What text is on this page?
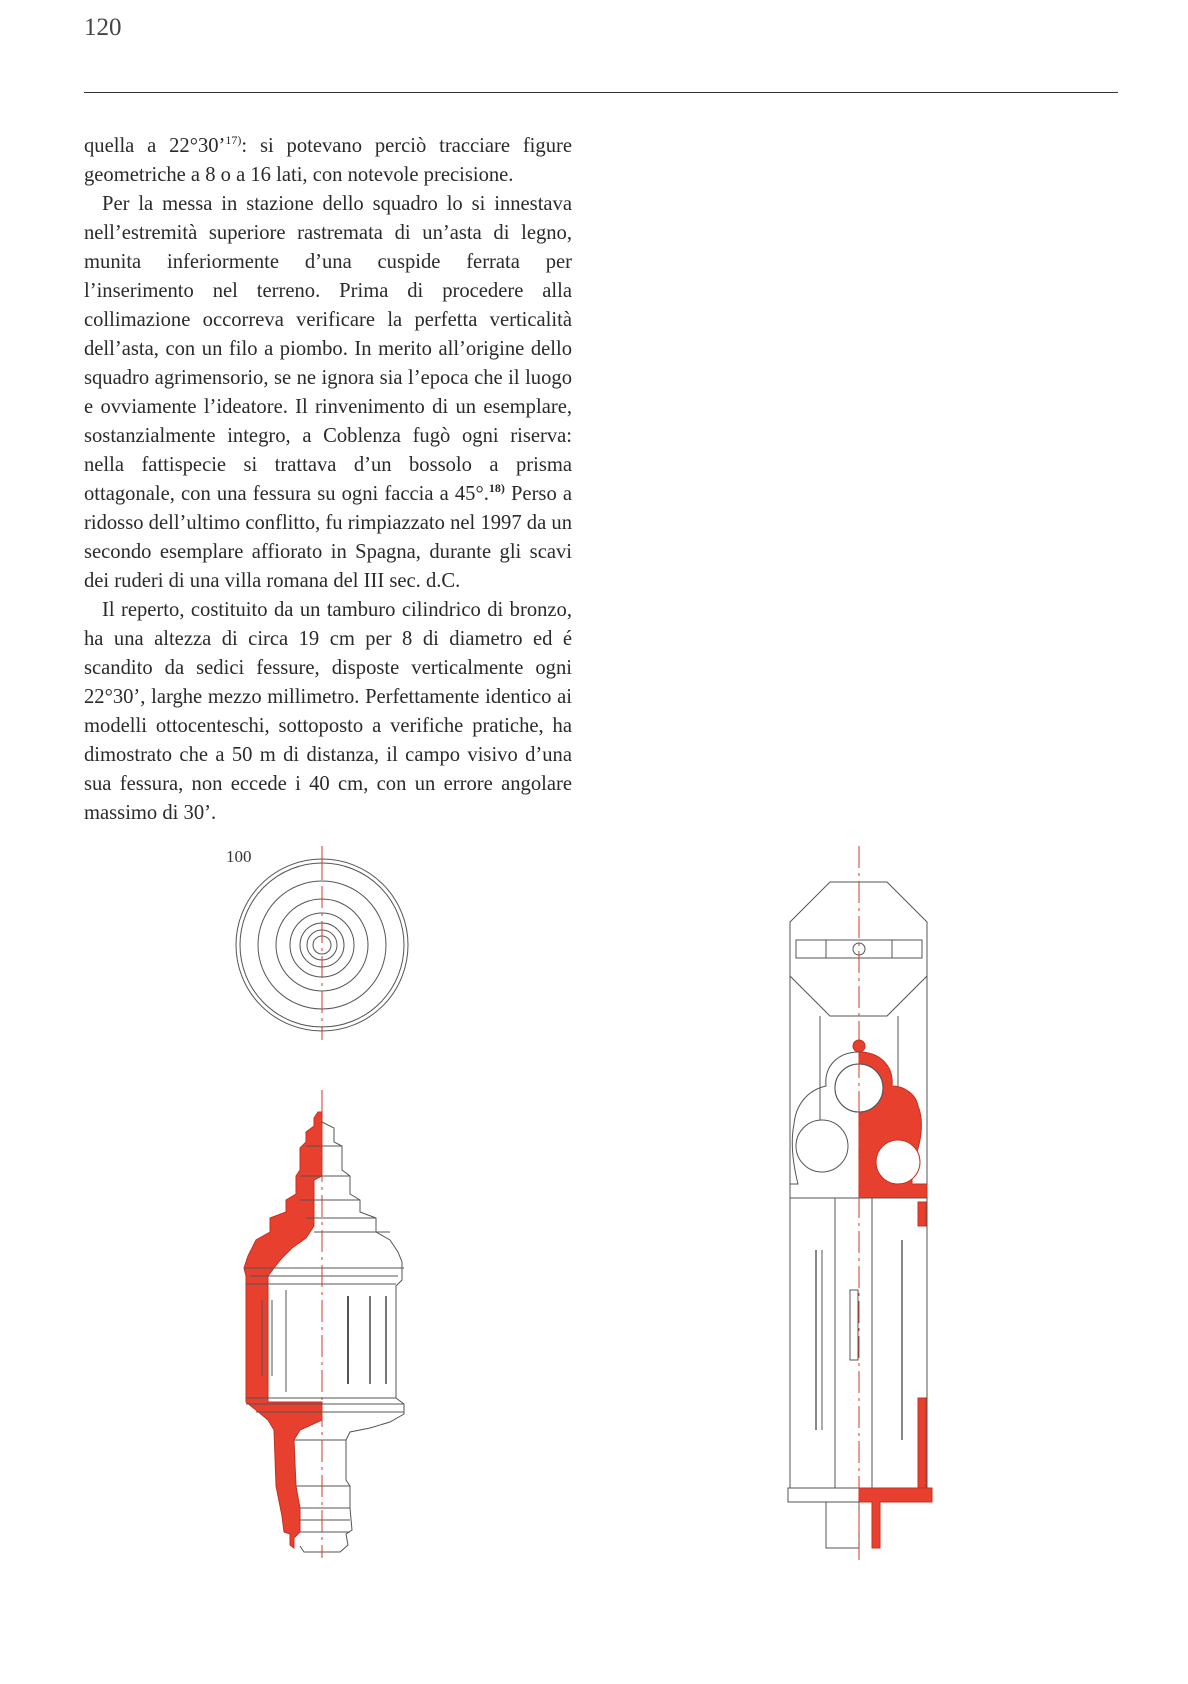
120

quella a 22°30’$^{17)}$: si potevano perciò tracciare figure geometriche a 8 o a 16 lati, con notevole precisione.

Per la messa in stazione dello squadro lo si innestava nell’estremità superiore rastremata di un’asta di legno, munita inferiormente d’una cuspide ferrata per l’inserimento nel terreno. Prima di procedere alla collimazione occorreva verificare la perfetta verticalità dell’asta, con un filo a piombo. In merito all’origine dello squadro agrimensorio, se ne ignora sia l’epoca che il luogo e ovviamente l’ideatore. Il rinvenimento di un esemplare, sostanzialmente integro, a Coblenza fugò ogni riserva: nella fattispecie si trattava d’un bossolo a prisma ottagonale, con una fessura su ogni faccia a 45°.$^{18)}$ Perso a ridosso dell’ultimo conflitto, fu rimpiazzato nel 1997 da un secondo esemplare affiorato in Spagna, durante gli scavi dei ruderi di una villa romana del III sec. d.C.

Il reperto, costituito da un tamburo cilindrico di bronzo, ha una altezza di circa 19 cm per 8 di diametro ed é scandito da sedici fessure, disposte verticalmente ogni 22°30’, larghe mezzo millimetro. Perfettamente identico ai modelli ottocenteschi, sottoposto a verifiche pratiche, ha dimostrato che a 50 m di distanza, il campo visivo d’una sua fessura, non eccede i 40 cm, con un errore angolare massimo di 30’.

100
